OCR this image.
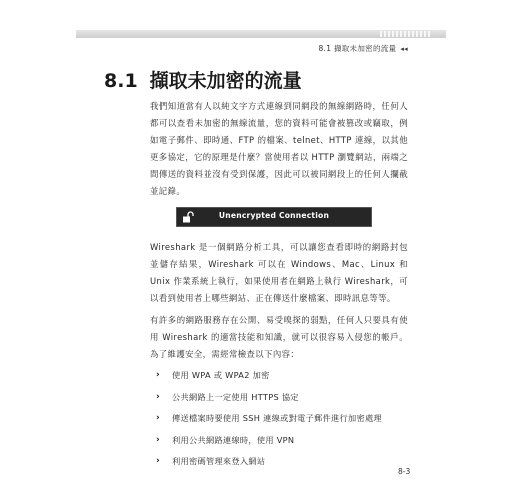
8.1 擷取未加密的流量 ◂◂
8.1 擷取未加密的流量

我們知道當有人以純文字方式連線到同網段的無線網路時，任何人都可以查看未加密的無線流量，您的資料可能會被篡改或竊取，例如電子郵件、即時通、FTP 的檔案、telnet、HTTP 連線，以其他更多協定，它的原理是什麼？當使用者以 HTTP 瀏覽網站，兩端之間傳送的資料並沒有受到保護，因此可以被同網段上的任何人攔截並記錄。

Unencrypted Connection

Wireshark 是一個網路分析工具，可以讓您查看即時的網路封包並儲存結果，Wireshark 可以在 Windows、Mac、Linux 和 Unix 作業系統上執行，如果使用者在網路上執行 Wireshark，可以看到使用者上哪些網站、正在傳送什麼檔案、即時訊息等等。

有許多的網路服務存在公開、易受嗅探的弱點，任何人只要具有使用 Wireshark 的適當技能和知識，就可以很容易入侵您的帳戶。為了維護安全，需經常檢查以下內容：

› 使用 WPA 或 WPA2 加密
› 公共網路上一定使用 HTTPS 協定
› 傳送檔案時要使用 SSH 連線或對電子郵件進行加密處理
› 利用公共網路連線時，使用 VPN
› 利用密碼管理來登入網站
8-3
